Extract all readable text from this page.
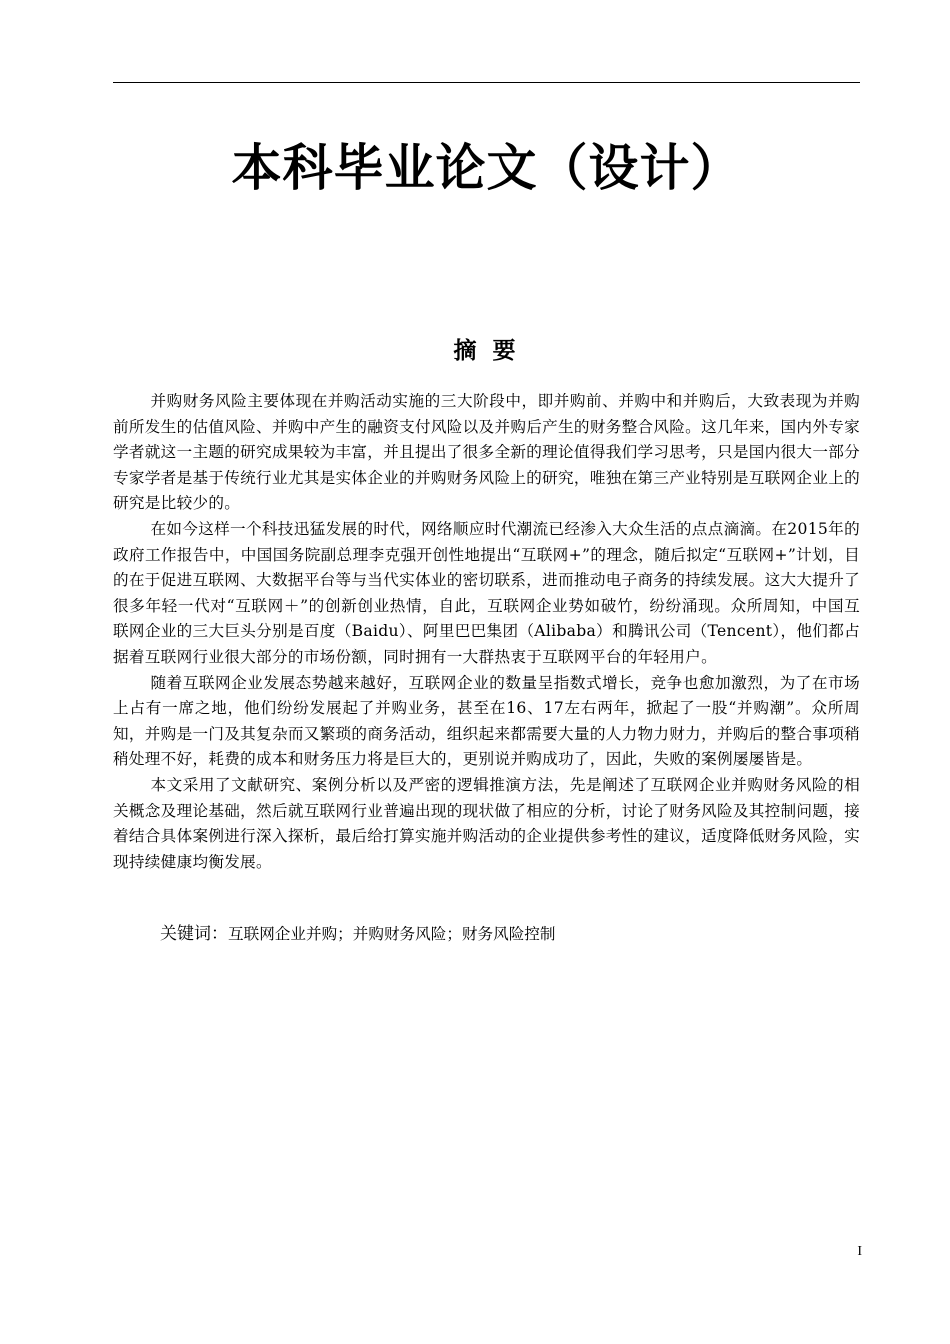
本科毕业论文（设计）
摘 要

并购财务风险主要体现在并购活动实施的三大阶段中，即并购前、并购中和并购后，大致表现为并购前所发生的估值风险、并购中产生的融资支付风险以及并购后产生的财务整合风险。这几年来，国内外专家学者就这一主题的研究成果较为丰富，并且提出了很多全新的理论值得我们学习思考，只是国内很大一部分专家学者是基于传统行业尤其是实体企业的并购财务风险上的研究，唯独在第三产业特别是互联网企业上的研究是比较少的。

在如今这样一个科技迅猛发展的时代，网络顺应时代潮流已经渗入大众生活的点点滴滴。在2015年的政府工作报告中，中国国务院副总理李克强开创性地提出“互联网+”的理念，随后拟定“互联网+”计划，目的在于促进互联网、大数据平台等与当代实体业的密切联系，进而推动电子商务的持续发展。这大大提升了很多年轻一代对“互联网＋”的创新创业热情，自此，互联网企业势如破竹，纷纷涌现。众所周知，中国互联网企业的三大巨头分别是百度（Baidu）、阿里巴巴集团（Alibaba）和腾讯公司（Tencent），他们都占据着互联网行业很大部分的市场份额，同时拥有一大群热衷于互联网平台的年轻用户。

随着互联网企业发展态势越来越好，互联网企业的数量呈指数式增长，竞争也愈加激烈，为了在市场上占有一席之地，他们纷纷发展起了并购业务，甚至在16、17左右两年，掀起了一股“并购潮”。众所周知，并购是一门及其复杂而又繁琐的商务活动，组织起来都需要大量的人力物力财力，并购后的整合事项稍稍处理不好，耗费的成本和财务压力将是巨大的，更别说并购成功了，因此，失败的案例屡屡皆是。

本文采用了文献研究、案例分析以及严密的逻辑推演方法，先是阐述了互联网企业并购财务风险的相关概念及理论基础，然后就互联网行业普遍出现的现状做了相应的分析，讨论了财务风险及其控制问题，接着结合具体案例进行深入探析，最后给打算实施并购活动的企业提供参考性的建议，适度降低财务风险，实现持续健康均衡发展。

关键词：互联网企业并购；并购财务风险；财务风险控制
I
